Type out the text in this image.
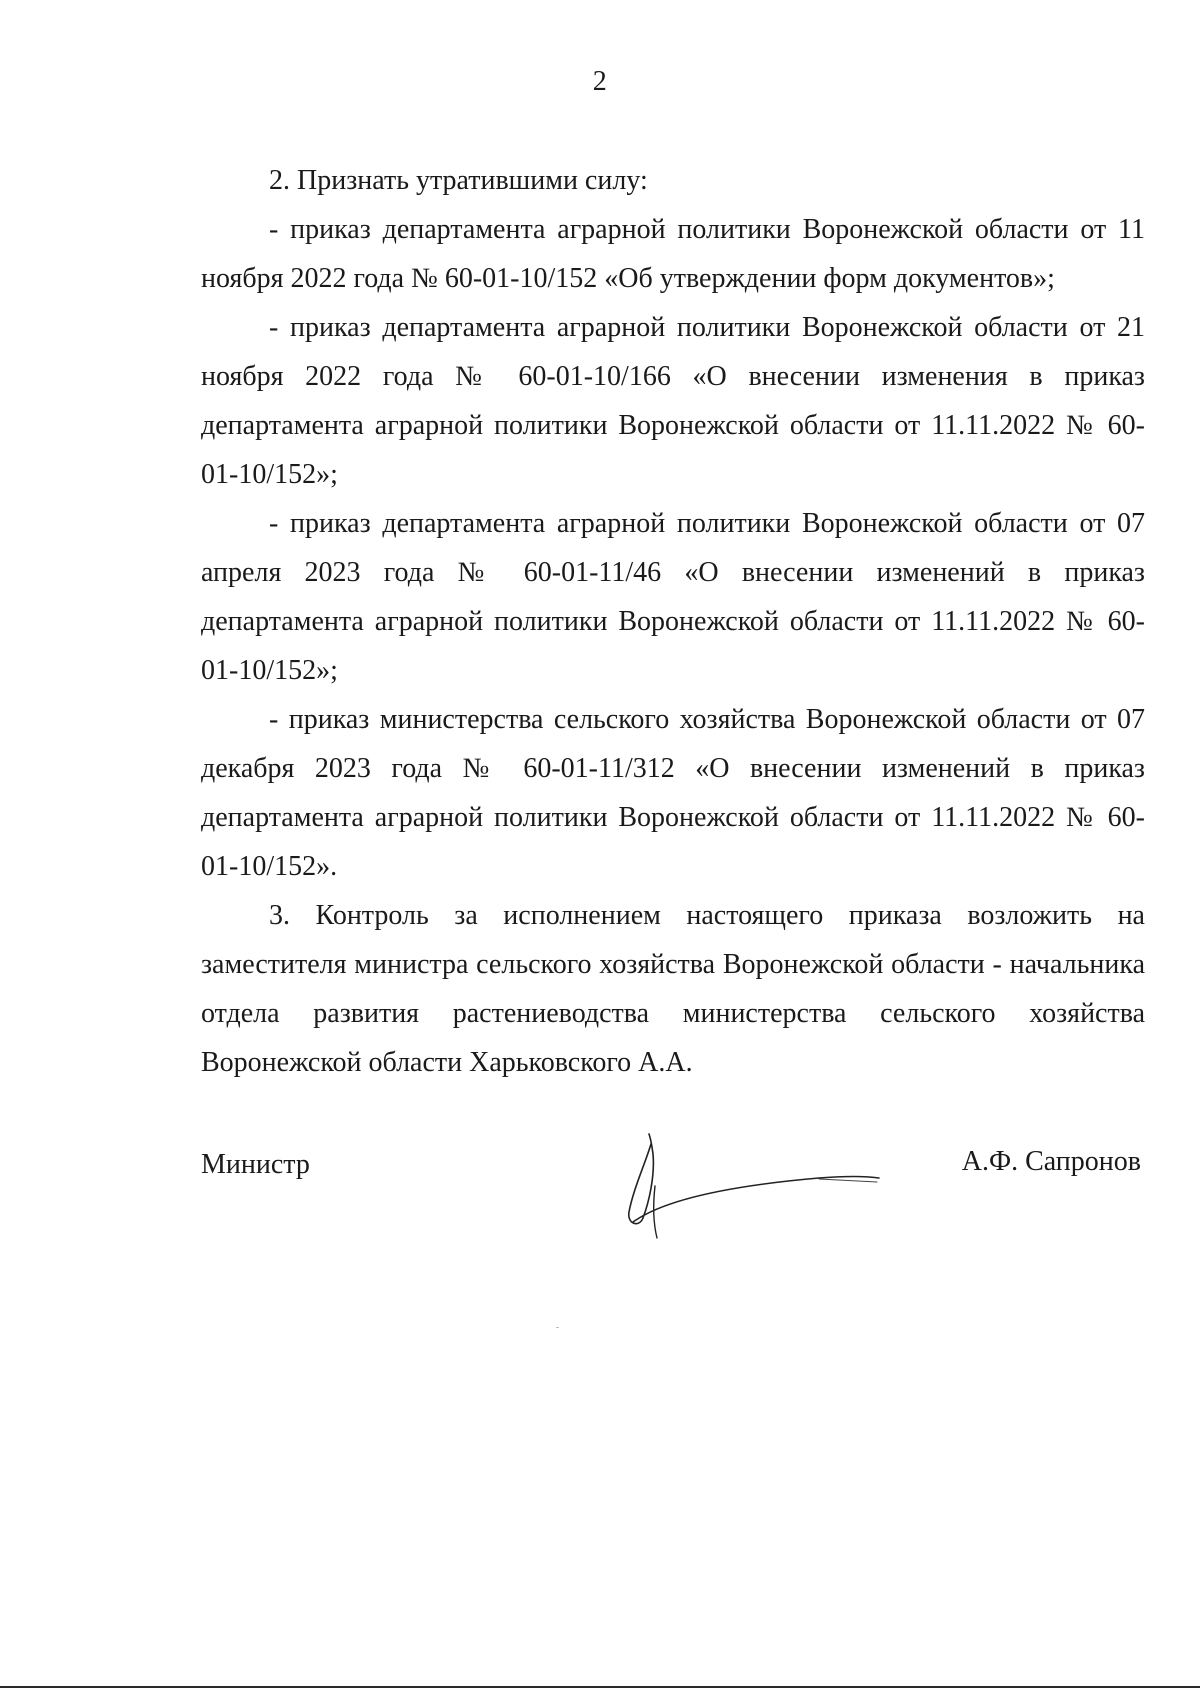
2

2. Признать утратившими силу:

- приказ департамента аграрной политики Воронежской области от 11 ноября 2022 года № 60-01-10/152 «Об утверждении форм документов»;

- приказ департамента аграрной политики Воронежской области от 21 ноября 2022 года № 60-01-10/166 «О внесении изменения в приказ департамента аграрной политики Воронежской области от 11.11.2022 № 60-01-10/152»;

- приказ департамента аграрной политики Воронежской области от 07 апреля 2023 года № 60-01-11/46 «О внесении изменений в приказ департамента аграрной политики Воронежской области от 11.11.2022 № 60-01-10/152»;

- приказ министерства сельского хозяйства Воронежской области от 07 декабря 2023 года № 60-01-11/312 «О внесении изменений в приказ департамента аграрной политики Воронежской области от 11.11.2022 № 60-01-10/152».

3. Контроль за исполнением настоящего приказа возложить на заместителя министра сельского хозяйства Воронежской области - начальника отдела развития растениеводства министерства сельского хозяйства Воронежской области Харьковского А.А.

Министр	А.Ф. Сапронов
